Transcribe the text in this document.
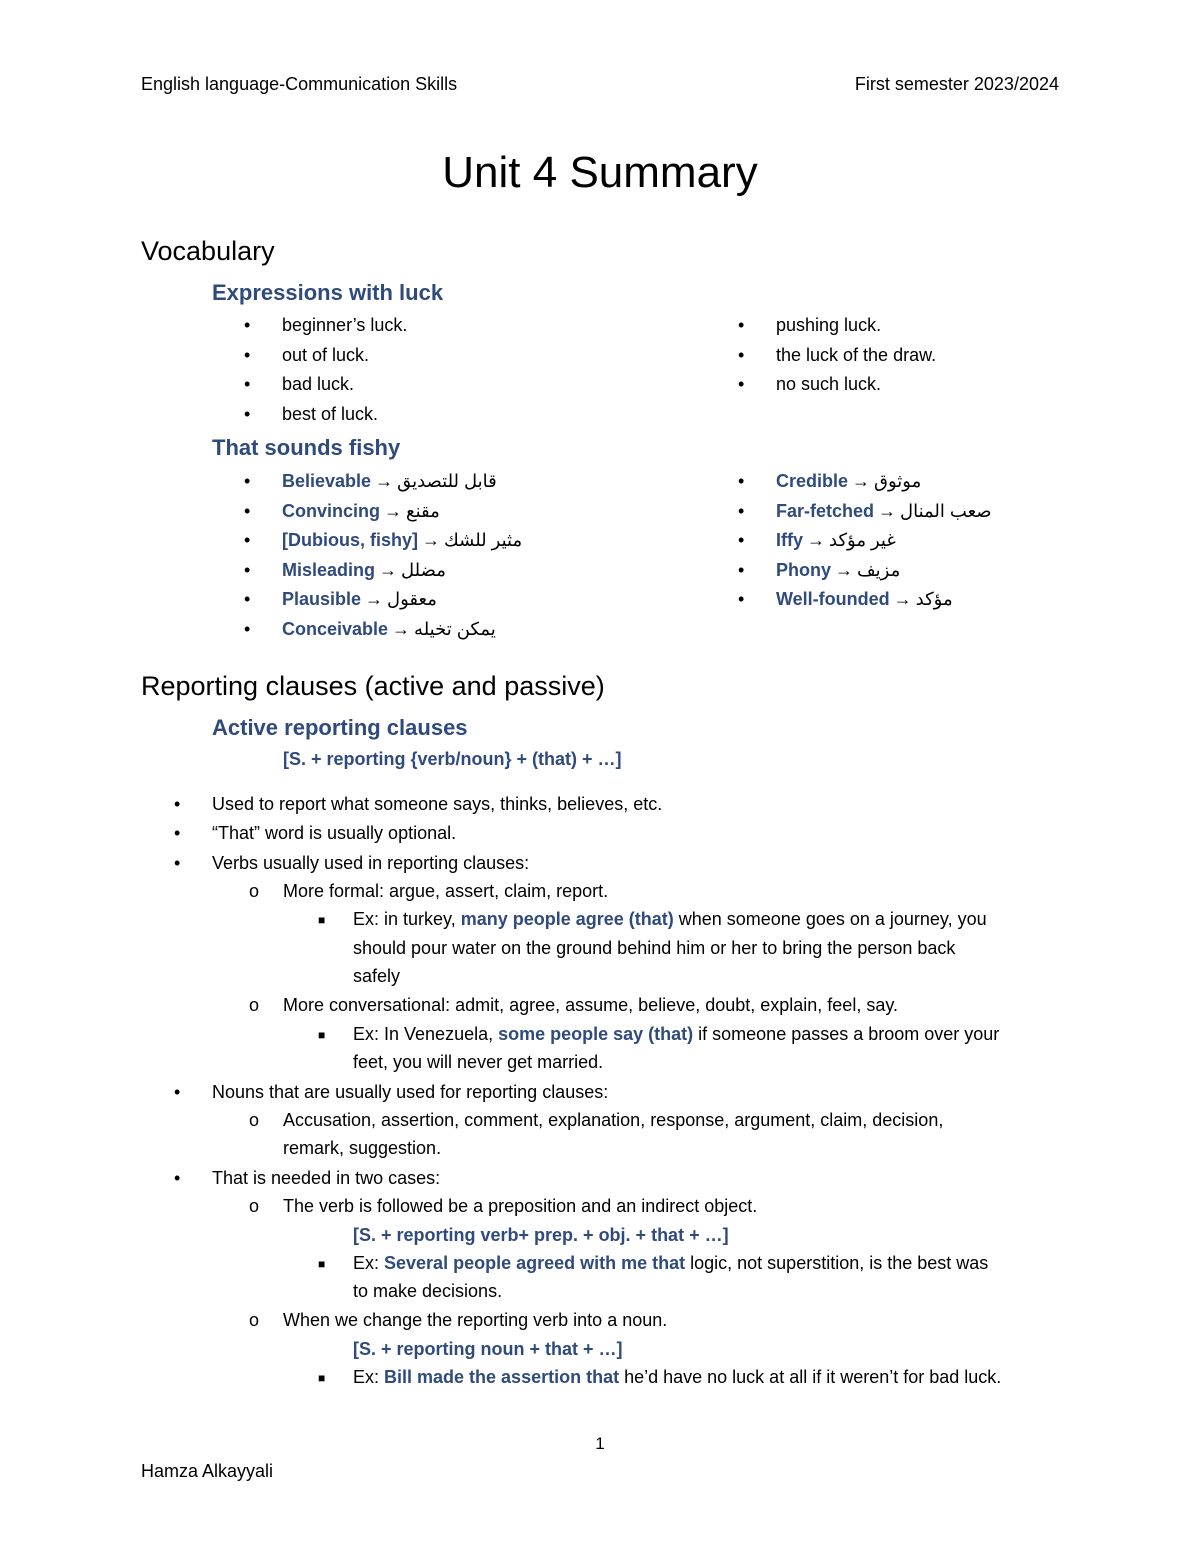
English language-Communication Skills	First semester 2023/2024
Unit 4 Summary
Vocabulary
Expressions with luck
• beginner’s luck.
• out of luck.
• bad luck.
• best of luck.
• pushing luck.
• the luck of the draw.
• no such luck.
That sounds fishy
• Believable → قابل للتصديق
• Convincing → مقنع
• [Dubious, fishy] → مثير للشك
• Misleading → مضلل
• Plausible → معقول
• Conceivable → يمكن تخيله
• Credible → موثوق
• Far-fetched → صعب المنال
• Iffy → غير مؤكد
• Phony → مزيف
• Well-founded → مؤكد
Reporting clauses (active and passive)
Active reporting clauses
[S. + reporting {verb/noun} + (that) + …]
• Used to report what someone says, thinks, believes, etc.
• “That” word is usually optional.
• Verbs usually used in reporting clauses:
o More formal: argue, assert, claim, report.
■ Ex: in turkey, many people agree (that) when someone goes on a journey, you
should pour water on the ground behind him or her to bring the person back
safely
o More conversational: admit, agree, assume, believe, doubt, explain, feel, say.
■ Ex: In Venezuela, some people say (that) if someone passes a broom over your
feet, you will never get married.
• Nouns that are usually used for reporting clauses:
o Accusation, assertion, comment, explanation, response, argument, claim, decision,
remark, suggestion.
• That is needed in two cases:
o The verb is followed be a preposition and an indirect object.
[S. + reporting verb+ prep. + obj. + that + …]
■ Ex: Several people agreed with me that logic, not superstition, is the best was
to make decisions.
o When we change the reporting verb into a noun.
[S. + reporting noun + that + …]
■ Ex: Bill made the assertion that he’d have no luck at all if it weren’t for bad luck.
1
Hamza Alkayyali
